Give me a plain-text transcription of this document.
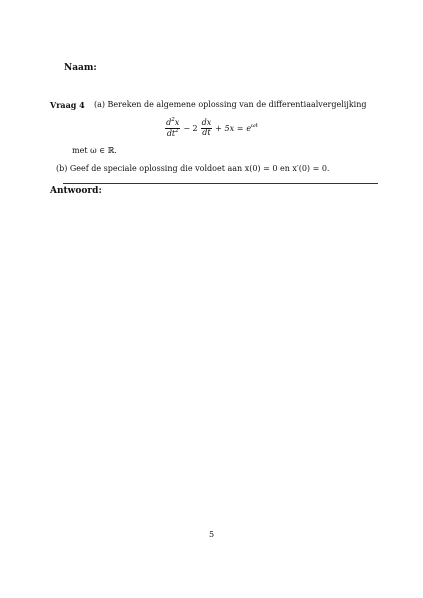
Naam:
Vraag 4 (a) Bereken de algemene oplossing van de differentiaalvergelijking
$\frac{d^2x}{dt^2} - 2 \frac{dx}{dt} + 5x = e^{\omega t}$
met ω ∈ ℝ.
(b) Geef de speciale oplossing die voldoet aan x(0) = 0 en x′(0) = 0.
Antwoord:
5
